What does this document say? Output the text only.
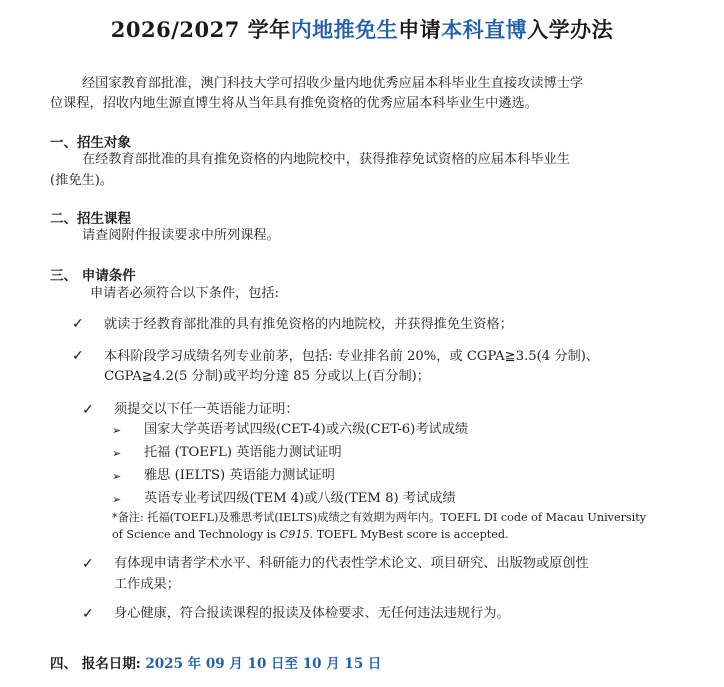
2026/2027 学年内地推免生申请本科直博入学办法
经国家教育部批准，澳门科技大学可招收少量内地优秀应届本科毕业生直接攻读博士学
位课程，招收内地生源直博生将从当年具有推免资格的优秀应届本科毕业生中遴选。
一、招生对象
在经教育部批准的具有推免资格的内地院校中，获得推荐免试资格的应届本科毕业生
(推免生)。
二、招生课程
请查阅附件报读要求中所列课程。
三、 申请条件
申请者必须符合以下条件，包括:
✓ 就读于经教育部批准的具有推免资格的内地院校，并获得推免生资格；
✓ 本科阶段学习成绩名列专业前茅，包括: 专业排名前 20%，或 CGPA≧3.5(4 分制)、
CGPA≧4.2(5 分制)或平均分達 85 分或以上(百分制)；
✓ 须提交以下任一英语能力证明：
➢ 国家大学英语考试四级(CET-4)或六级(CET-6)考试成绩
➢ 托福 (TOEFL) 英语能力测试证明
➢ 雅思 (IELTS) 英语能力测试证明
➢ 英语专业考试四级(TEM 4)或八级(TEM 8) 考试成绩
*备注: 托福(TOEFL)及雅思考试(IELTS)成绩之有效期为两年内。TOEFL DI code of Macau University
of Science and Technology is C915. TOEFL MyBest score is accepted.
✓ 有体现申请者学术水平、科研能力的代表性学术论文、项目研究、出版物或原创性
工作成果；
✓ 身心健康，符合报读课程的报读及体检要求、无任何违法违规行为。
四、 报名日期: 2025 年 09 月 10 日至 10 月 15 日
